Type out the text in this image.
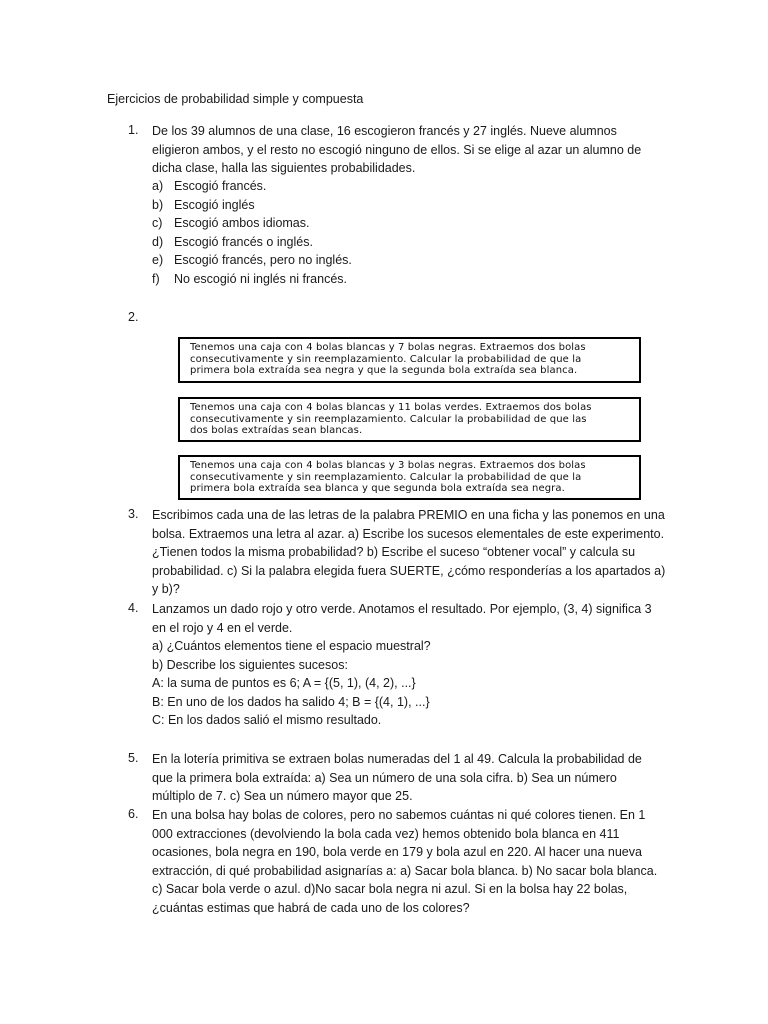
Ejercicios de probabilidad simple y compuesta
1.	De los 39 alumnos de una clase, 16 escogieron francés y 27 inglés. Nueve alumnos

eligieron ambos, y el resto no escogió ninguno de ellos. Si se elige al azar un alumno de

dicha clase, halla las siguientes probabilidades.

a) Escogió francés.
b) Escogió inglés
c) Escogió ambos idiomas.
d) Escogió francés o inglés.
e) Escogió francés, pero no inglés.
f) No escogió ni inglés ni francés.
2.

Tenemos una caja con 4 bolas blancas y 7 bolas negras. Extraemos dos bolas

consecutivamente y sin reemplazamiento. Calcular la probabilidad de que la

primera bola extraída sea negra y que la segunda bola extraída sea blanca.

Tenemos una caja con 4 bolas blancas y 11 bolas verdes. Extraemos dos bolas

consecutivamente y sin reemplazamiento. Calcular la probabilidad de que las

dos bolas extraídas sean blancas.

Tenemos una caja con 4 bolas blancas y 3 bolas negras. Extraemos dos bolas

consecutivamente y sin reemplazamiento. Calcular la probabilidad de que la

primera bola extraída sea blanca y que segunda bola extraída sea negra.

3.	Escribimos cada una de las letras de la palabra PREMIO en una ficha y las ponemos en una

bolsa. Extraemos una letra al azar. a) Escribe los sucesos elementales de este experimento.

¿Tienen todos la misma probabilidad? b) Escribe el suceso “obtener vocal” y calcula su

probabilidad. c) Si la palabra elegida fuera SUERTE, ¿cómo responderías a los apartados a)

y b)?

4.	Lanzamos un dado rojo y otro verde. Anotamos el resultado. Por ejemplo, (3, 4) significa 3

en el rojo y 4 en el verde.

a) ¿Cuántos elementos tiene el espacio muestral?

b) Describe los siguientes sucesos:

A: la suma de puntos es 6; A = {(5, 1), (4, 2), ...}

B: En uno de los dados ha salido 4; B = {(4, 1), ...}

C: En los dados salió el mismo resultado.

5.	En la lotería primitiva se extraen bolas numeradas del 1 al 49. Calcula la probabilidad de

que la primera bola extraída: a) Sea un número de una sola cifra. b) Sea un número

múltiplo de 7. c) Sea un número mayor que 25.

6.	En una bolsa hay bolas de colores, pero no sabemos cuántas ni qué colores tienen. En 1

000 extracciones (devolviendo la bola cada vez) hemos obtenido bola blanca en 411

ocasiones, bola negra en 190, bola verde en 179 y bola azul en 220. Al hacer una nueva

extracción, di qué probabilidad asignarías a: a) Sacar bola blanca. b) No sacar bola blanca.

c) Sacar bola verde o azul. d)No sacar bola negra ni azul. Si en la bolsa hay 22 bolas,

¿cuántas estimas que habrá de cada uno de los colores?
